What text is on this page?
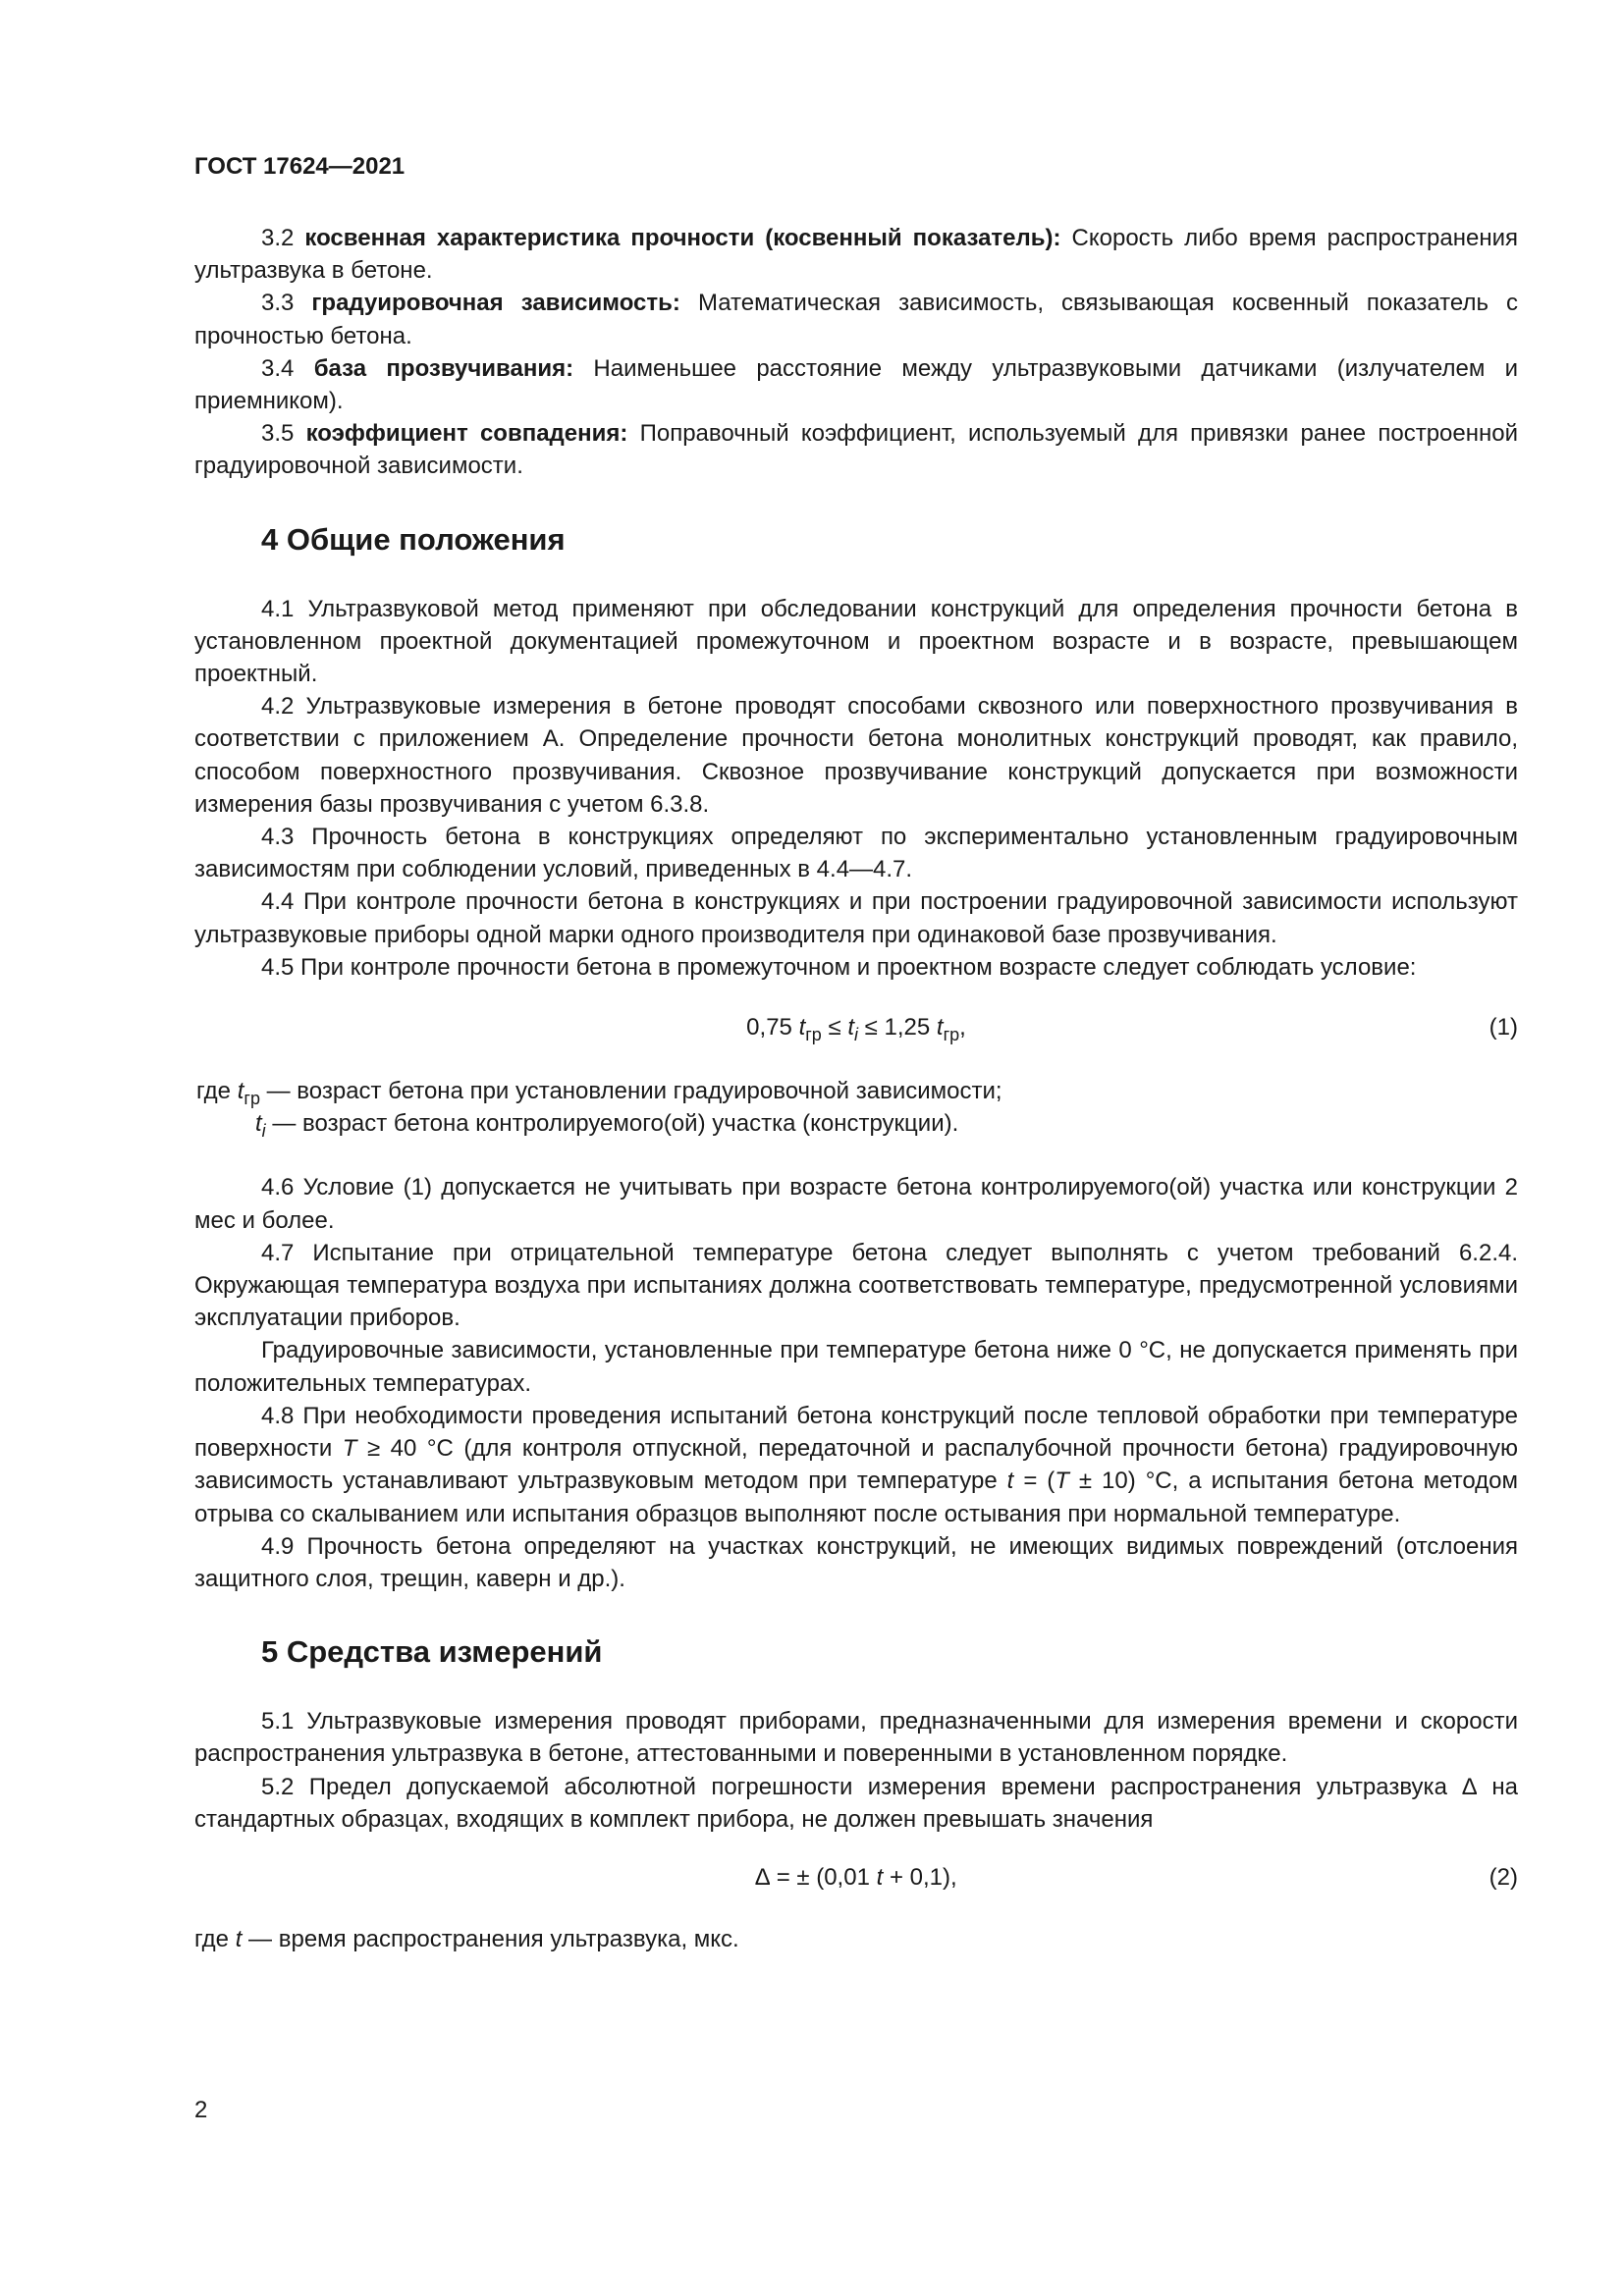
ГОСТ 17624—2021

3.2 косвенная характеристика прочности (косвенный показатель): Скорость либо время распространения ультразвука в бетоне.

3.3 градуировочная зависимость: Математическая зависимость, связывающая косвенный показатель с прочностью бетона.

3.4 база прозвучивания: Наименьшее расстояние между ультразвуковыми датчиками (излучателем и приемником).

3.5 коэффициент совпадения: Поправочный коэффициент, используемый для привязки ранее построенной градуировочной зависимости.

4 Общие положения

4.1 Ультразвуковой метод применяют при обследовании конструкций для определения прочности бетона в установленном проектной документацией промежуточном и проектном возрасте и в возрасте, превышающем проектный.

4.2 Ультразвуковые измерения в бетоне проводят способами сквозного или поверхностного прозвучивания в соответствии с приложением А. Определение прочности бетона монолитных конструкций проводят, как правило, способом поверхностного прозвучивания. Сквозное прозвучивание конструкций допускается при возможности измерения базы прозвучивания с учетом 6.3.8.

4.3 Прочность бетона в конструкциях определяют по экспериментально установленным градуировочным зависимостям при соблюдении условий, приведенных в 4.4—4.7.

4.4 При контроле прочности бетона в конструкциях и при построении градуировочной зависимости используют ультразвуковые приборы одной марки одного производителя при одинаковой базе прозвучивания.

4.5 При контроле прочности бетона в промежуточном и проектном возрасте следует соблюдать условие:

0,75 $t_{гр} \le t_i \le 1,25$ $t_{гр}$,	(1)

где $t_{гр}$ — возраст бетона при установлении градуировочной зависимости;

$t_i$ — возраст бетона контролируемого(ой) участка (конструкции).

4.6 Условие (1) допускается не учитывать при возрасте бетона контролируемого(ой) участка или конструкции 2 мес и более.

4.7 Испытание при отрицательной температуре бетона следует выполнять с учетом требований 6.2.4. Окружающая температура воздуха при испытаниях должна соответствовать температуре, предусмотренной условиями эксплуатации приборов.

Градуировочные зависимости, установленные при температуре бетона ниже 0 °С, не допускается применять при положительных температурах.

4.8 При необходимости проведения испытаний бетона конструкций после тепловой обработки при температуре поверхности T ≥ 40 °С (для контроля отпускной, передаточной и распалубочной прочности бетона) градуировочную зависимость устанавливают ультразвуковым методом при температуре t = (T ± 10) °С, а испытания бетона методом отрыва со скалыванием или испытания образцов выполняют после остывания при нормальной температуре.

4.9 Прочность бетона определяют на участках конструкций, не имеющих видимых повреждений (отслоения защитного слоя, трещин, каверн и др.).

5 Средства измерений

5.1 Ультразвуковые измерения проводят приборами, предназначенными для измерения времени и скорости распространения ультразвука в бетоне, аттестованными и поверенными в установленном порядке.

5.2 Предел допускаемой абсолютной погрешности измерения времени распространения ультразвука ∆ на стандартных образцах, входящих в комплект прибора, не должен превышать значения

∆ = ± (0,01 t + 0,1),	(2)

где t — время распространения ультразвука, мкс.

2
